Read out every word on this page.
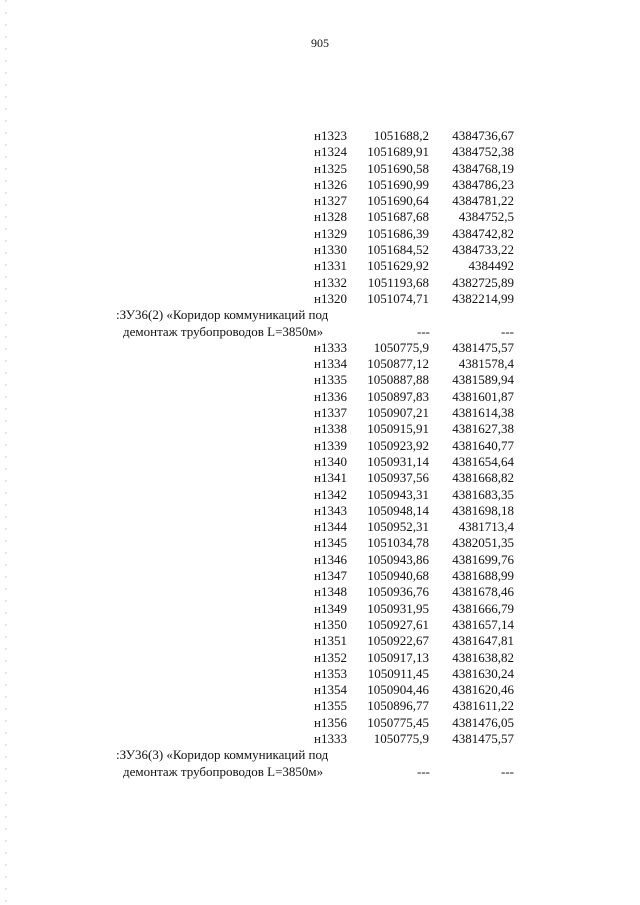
905
н1323 1051688,2 4384736,67
н1324 1051689,91 4384752,38
н1325 1051690,58 4384768,19
н1326 1051690,99 4384786,23
н1327 1051690,64 4384781,22
н1328 1051687,68 4384752,5
н1329 1051686,39 4384742,82
н1330 1051684,52 4384733,22
н1331 1051629,92	4384492
н1332 1051193,68 4382725,89
н1320 1051074,71 4382214,99
:ЗУ36(2) «Коридор коммуникаций под
демонтаж трубопроводов L=3850м»	---	---
н1333 1050775,9 4381475,57
н1334 1050877,12 4381578,4
н1335 1050887,88 4381589,94
н1336 1050897,83 4381601,87
н1337 1050907,21 4381614,38
н1338 1050915,91 4381627,38
н1339 1050923,92 4381640,77
н1340 1050931,14 4381654,64
н1341 1050937,56 4381668,82
н1342 1050943,31 4381683,35
н1343 1050948,14 4381698,18
н1344 1050952,31 4381713,4
н1345 1051034,78 4382051,35
н1346 1050943,86 4381699,76
н1347 1050940,68 4381688,99
н1348 1050936,76 4381678,46
н1349 1050931,95 4381666,79
н1350 1050927,61 4381657,14
н1351 1050922,67 4381647,81
н1352 1050917,13 4381638,82
н1353 1050911,45 4381630,24
н1354 1050904,46 4381620,46
н1355 1050896,77 4381611,22
н1356 1050775,45 4381476,05
н1333 1050775,9 4381475,57
:ЗУ36(3) «Коридор коммуникаций под
демонтаж трубопроводов L=3850м»	---	---
